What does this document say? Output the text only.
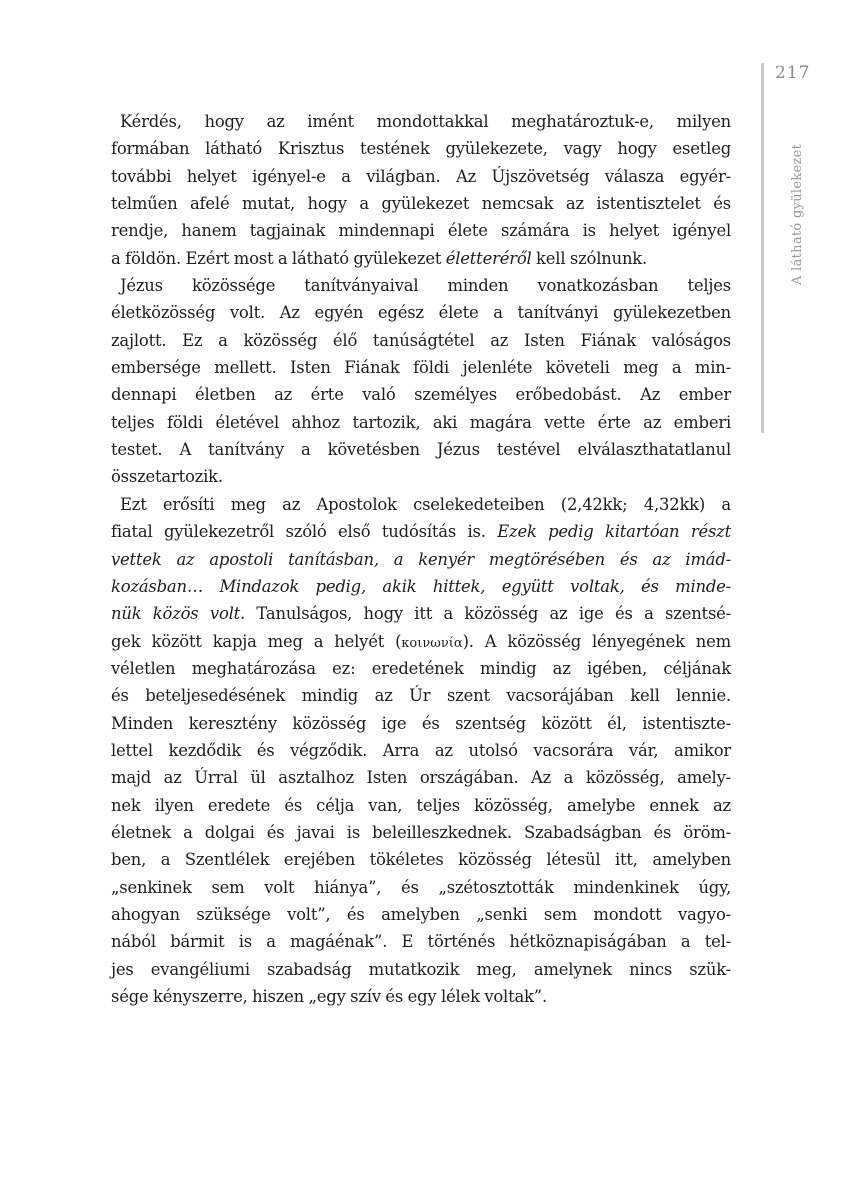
217
A látható gyülekezet
Kérdés, hogy az imént mondottakkal meghatároztuk-e, milyen
formában látható Krisztus testének gyülekezete, vagy hogy esetleg
további helyet igényel-e a világban. Az Újszövetség válasza egyér-
telműen afelé mutat, hogy a gyülekezet nemcsak az istentisztelet és
rendje, hanem tagjainak mindennapi élete számára is helyet igényel
a földön. Ezért most a látható gyülekezet életteréről kell szólnunk.
Jézus közössége tanítványaival minden vonatkozásban teljes
életközösség volt. Az egyén egész élete a tanítványi gyülekezetben
zajlott. Ez a közösség élő tanúságtétel az Isten Fiának valóságos
embersége mellett. Isten Fiának földi jelenléte követeli meg a min-
dennapi életben az érte való személyes erőbedobást. Az ember
teljes földi életével ahhoz tartozik, aki magára vette érte az emberi
testet. A tanítvány a követésben Jézus testével elválaszthatatlanul
összetartozik.
Ezt erősíti meg az Apostolok cselekedeteiben (2,42kk; 4,32kk) a
fiatal gyülekezetről szóló első tudósítás is. Ezek pedig kitartóan részt
vettek az apostoli tanításban, a kenyér megtörésében és az imád-
kozásban… Mindazok pedig, akik hittek, együtt voltak, és minde-
nük közös volt. Tanulságos, hogy itt a közösség az ige és a szentsé-
gek között kapja meg a helyét (κοινωνία). A közösség lényegének nem
véletlen meghatározása ez: eredetének mindig az igében, céljának
és beteljesedésének mindig az Úr szent vacsorájában kell lennie.
Minden keresztény közösség ige és szentség között él, istentiszte-
lettel kezdődik és végződik. Arra az utolsó vacsorára vár, amikor
majd az Úrral ül asztalhoz Isten országában. Az a közösség, amely-
nek ilyen eredete és célja van, teljes közösség, amelybe ennek az
életnek a dolgai és javai is beleilleszkednek. Szabadságban és öröm-
ben, a Szentlélek erejében tökéletes közösség létesül itt, amelyben
„senkinek sem volt hiánya”, és „szétosztották mindenkinek úgy,
ahogyan szüksége volt”, és amelyben „senki sem mondott vagyo-
nából bármit is a magáénak”. E történés hétköznapiságában a tel-
jes evangéliumi szabadság mutatkozik meg, amelynek nincs szük-
sége kényszerre, hiszen „egy szív és egy lélek voltak”.
